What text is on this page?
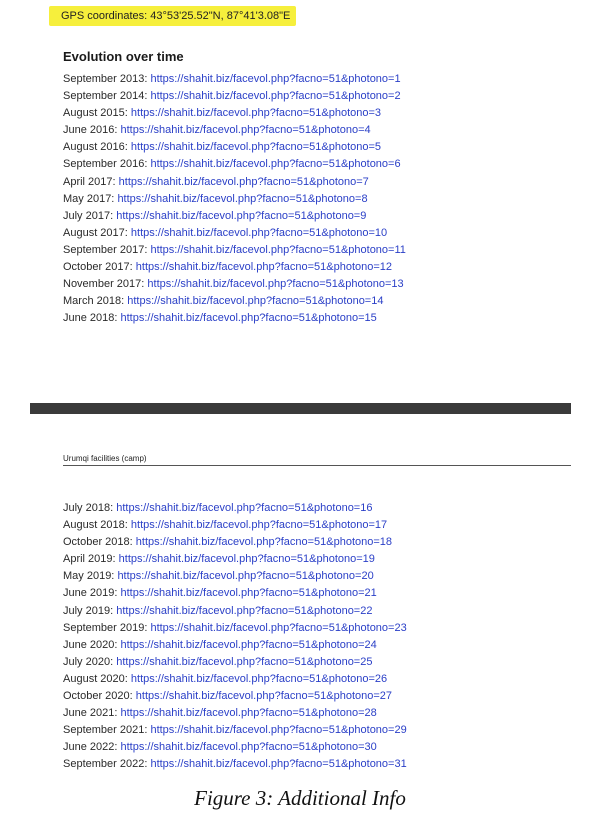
GPS coordinates: 43°53'25.52"N, 87°41'3.08"E
Evolution over time
September 2013: https://shahit.biz/facevol.php?facno=51&photono=1
September 2014: https://shahit.biz/facevol.php?facno=51&photono=2
August 2015: https://shahit.biz/facevol.php?facno=51&photono=3
June 2016: https://shahit.biz/facevol.php?facno=51&photono=4
August 2016: https://shahit.biz/facevol.php?facno=51&photono=5
September 2016: https://shahit.biz/facevol.php?facno=51&photono=6
April 2017: https://shahit.biz/facevol.php?facno=51&photono=7
May 2017: https://shahit.biz/facevol.php?facno=51&photono=8
July 2017: https://shahit.biz/facevol.php?facno=51&photono=9
August 2017: https://shahit.biz/facevol.php?facno=51&photono=10
September 2017: https://shahit.biz/facevol.php?facno=51&photono=11
October 2017: https://shahit.biz/facevol.php?facno=51&photono=12
November 2017: https://shahit.biz/facevol.php?facno=51&photono=13
March 2018: https://shahit.biz/facevol.php?facno=51&photono=14
June 2018: https://shahit.biz/facevol.php?facno=51&photono=15
Urumqi facilities (camp)
July 2018: https://shahit.biz/facevol.php?facno=51&photono=16
August 2018: https://shahit.biz/facevol.php?facno=51&photono=17
October 2018: https://shahit.biz/facevol.php?facno=51&photono=18
April 2019: https://shahit.biz/facevol.php?facno=51&photono=19
May 2019: https://shahit.biz/facevol.php?facno=51&photono=20
June 2019: https://shahit.biz/facevol.php?facno=51&photono=21
July 2019: https://shahit.biz/facevol.php?facno=51&photono=22
September 2019: https://shahit.biz/facevol.php?facno=51&photono=23
June 2020: https://shahit.biz/facevol.php?facno=51&photono=24
July 2020: https://shahit.biz/facevol.php?facno=51&photono=25
August 2020: https://shahit.biz/facevol.php?facno=51&photono=26
October 2020: https://shahit.biz/facevol.php?facno=51&photono=27
June 2021: https://shahit.biz/facevol.php?facno=51&photono=28
September 2021: https://shahit.biz/facevol.php?facno=51&photono=29
June 2022: https://shahit.biz/facevol.php?facno=51&photono=30
September 2022: https://shahit.biz/facevol.php?facno=51&photono=31
Figure 3: Additional Info
